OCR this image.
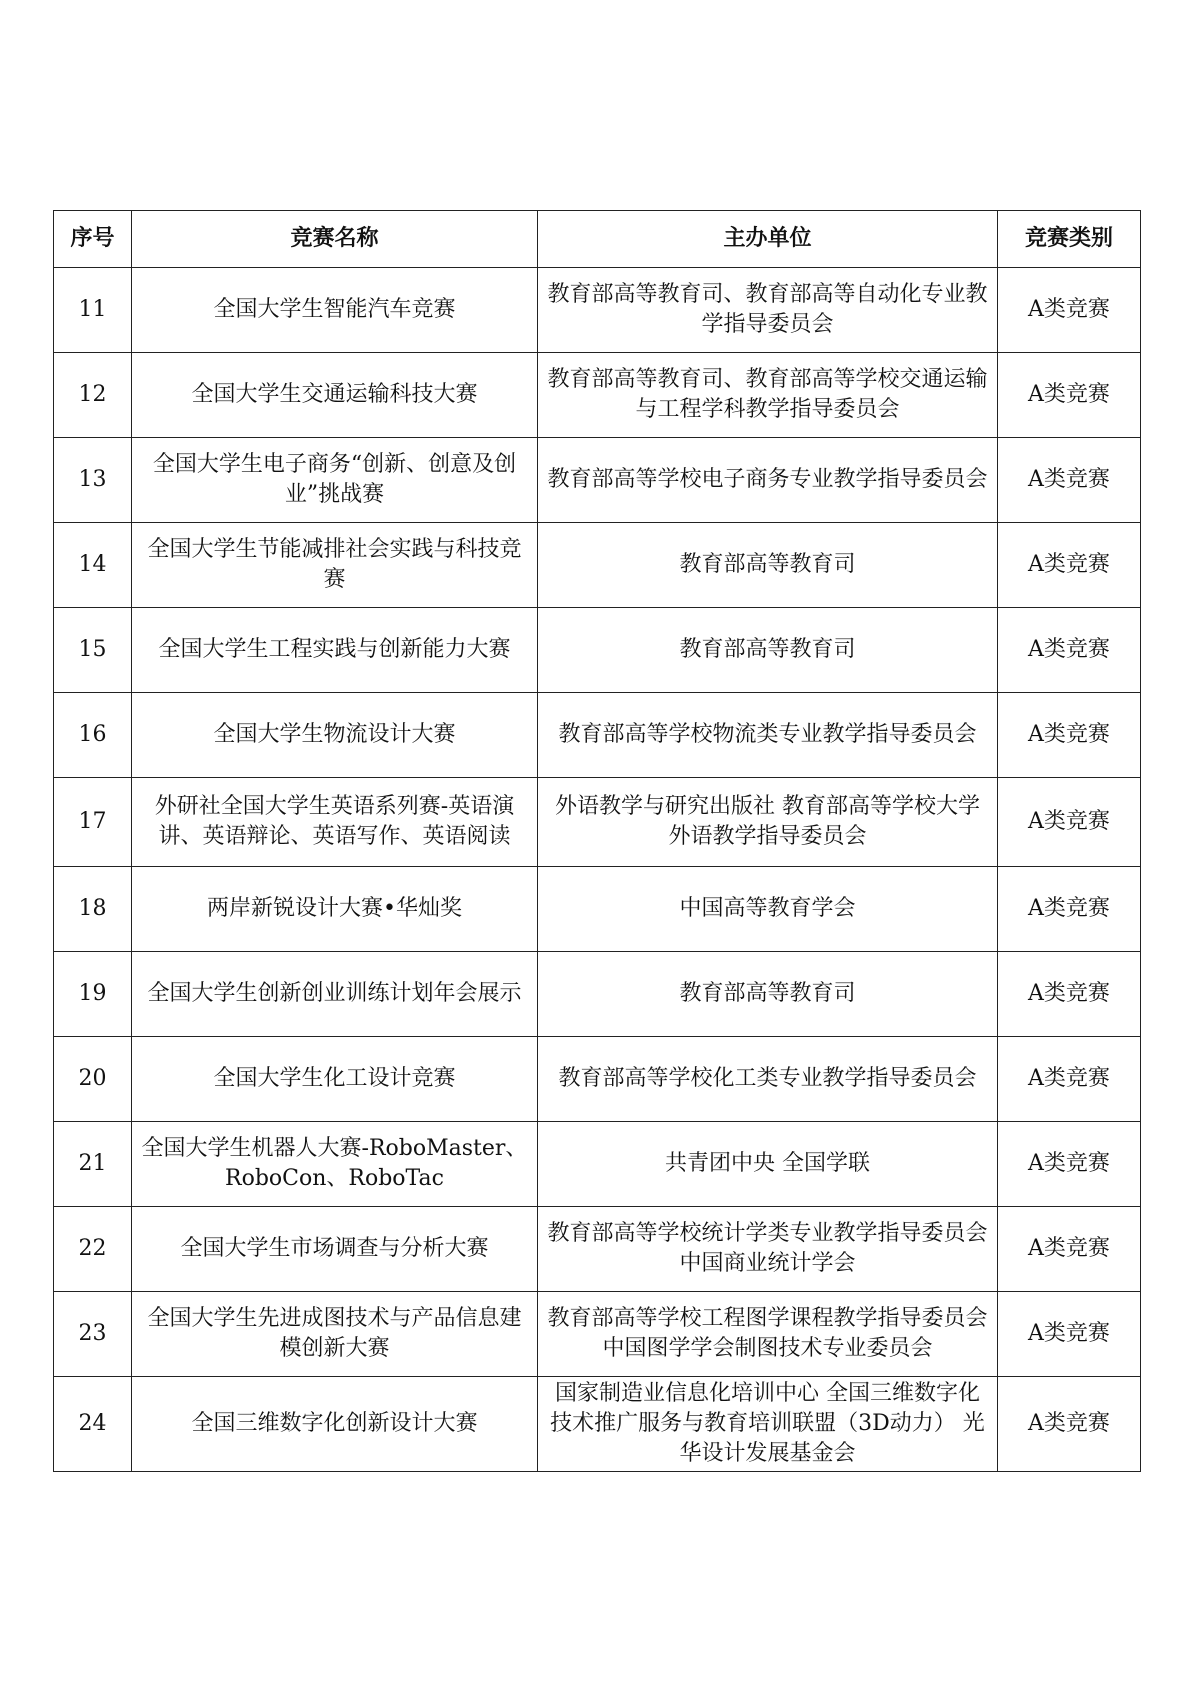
序号	竞赛名称	主办单位	竞赛类别
11	全国大学生智能汽车竞赛	教育部高等教育司、教育部高等自动化专业教学指导委员会	A类竞赛
12	全国大学生交通运输科技大赛	教育部高等教育司、教育部高等学校交通运输与工程学科教学指导委员会	A类竞赛
13	全国大学生电子商务“创新、创意及创业”挑战赛	教育部高等学校电子商务专业教学指导委员会	A类竞赛
14	全国大学生节能减排社会实践与科技竞赛	教育部高等教育司	A类竞赛
15	全国大学生工程实践与创新能力大赛	教育部高等教育司	A类竞赛
16	全国大学生物流设计大赛	教育部高等学校物流类专业教学指导委员会	A类竞赛
17	外研社全国大学生英语系列赛-英语演讲、英语辩论、英语写作、英语阅读	外语教学与研究出版社 教育部高等学校大学外语教学指导委员会	A类竞赛
18	两岸新锐设计大赛•华灿奖	中国高等教育学会	A类竞赛
19	全国大学生创新创业训练计划年会展示	教育部高等教育司	A类竞赛
20	全国大学生化工设计竞赛	教育部高等学校化工类专业教学指导委员会	A类竞赛
21	全国大学生机器人大赛-RoboMaster、RoboCon、RoboTac	共青团中央 全国学联	A类竞赛
22	全国大学生市场调查与分析大赛	教育部高等学校统计学类专业教学指导委员会 中国商业统计学会	A类竞赛
23	全国大学生先进成图技术与产品信息建模创新大赛	教育部高等学校工程图学课程教学指导委员会 中国图学学会制图技术专业委员会	A类竞赛
24	全国三维数字化创新设计大赛	国家制造业信息化培训中心 全国三维数字化技术推广服务与教育培训联盟（3D动力） 光华设计发展基金会	A类竞赛
